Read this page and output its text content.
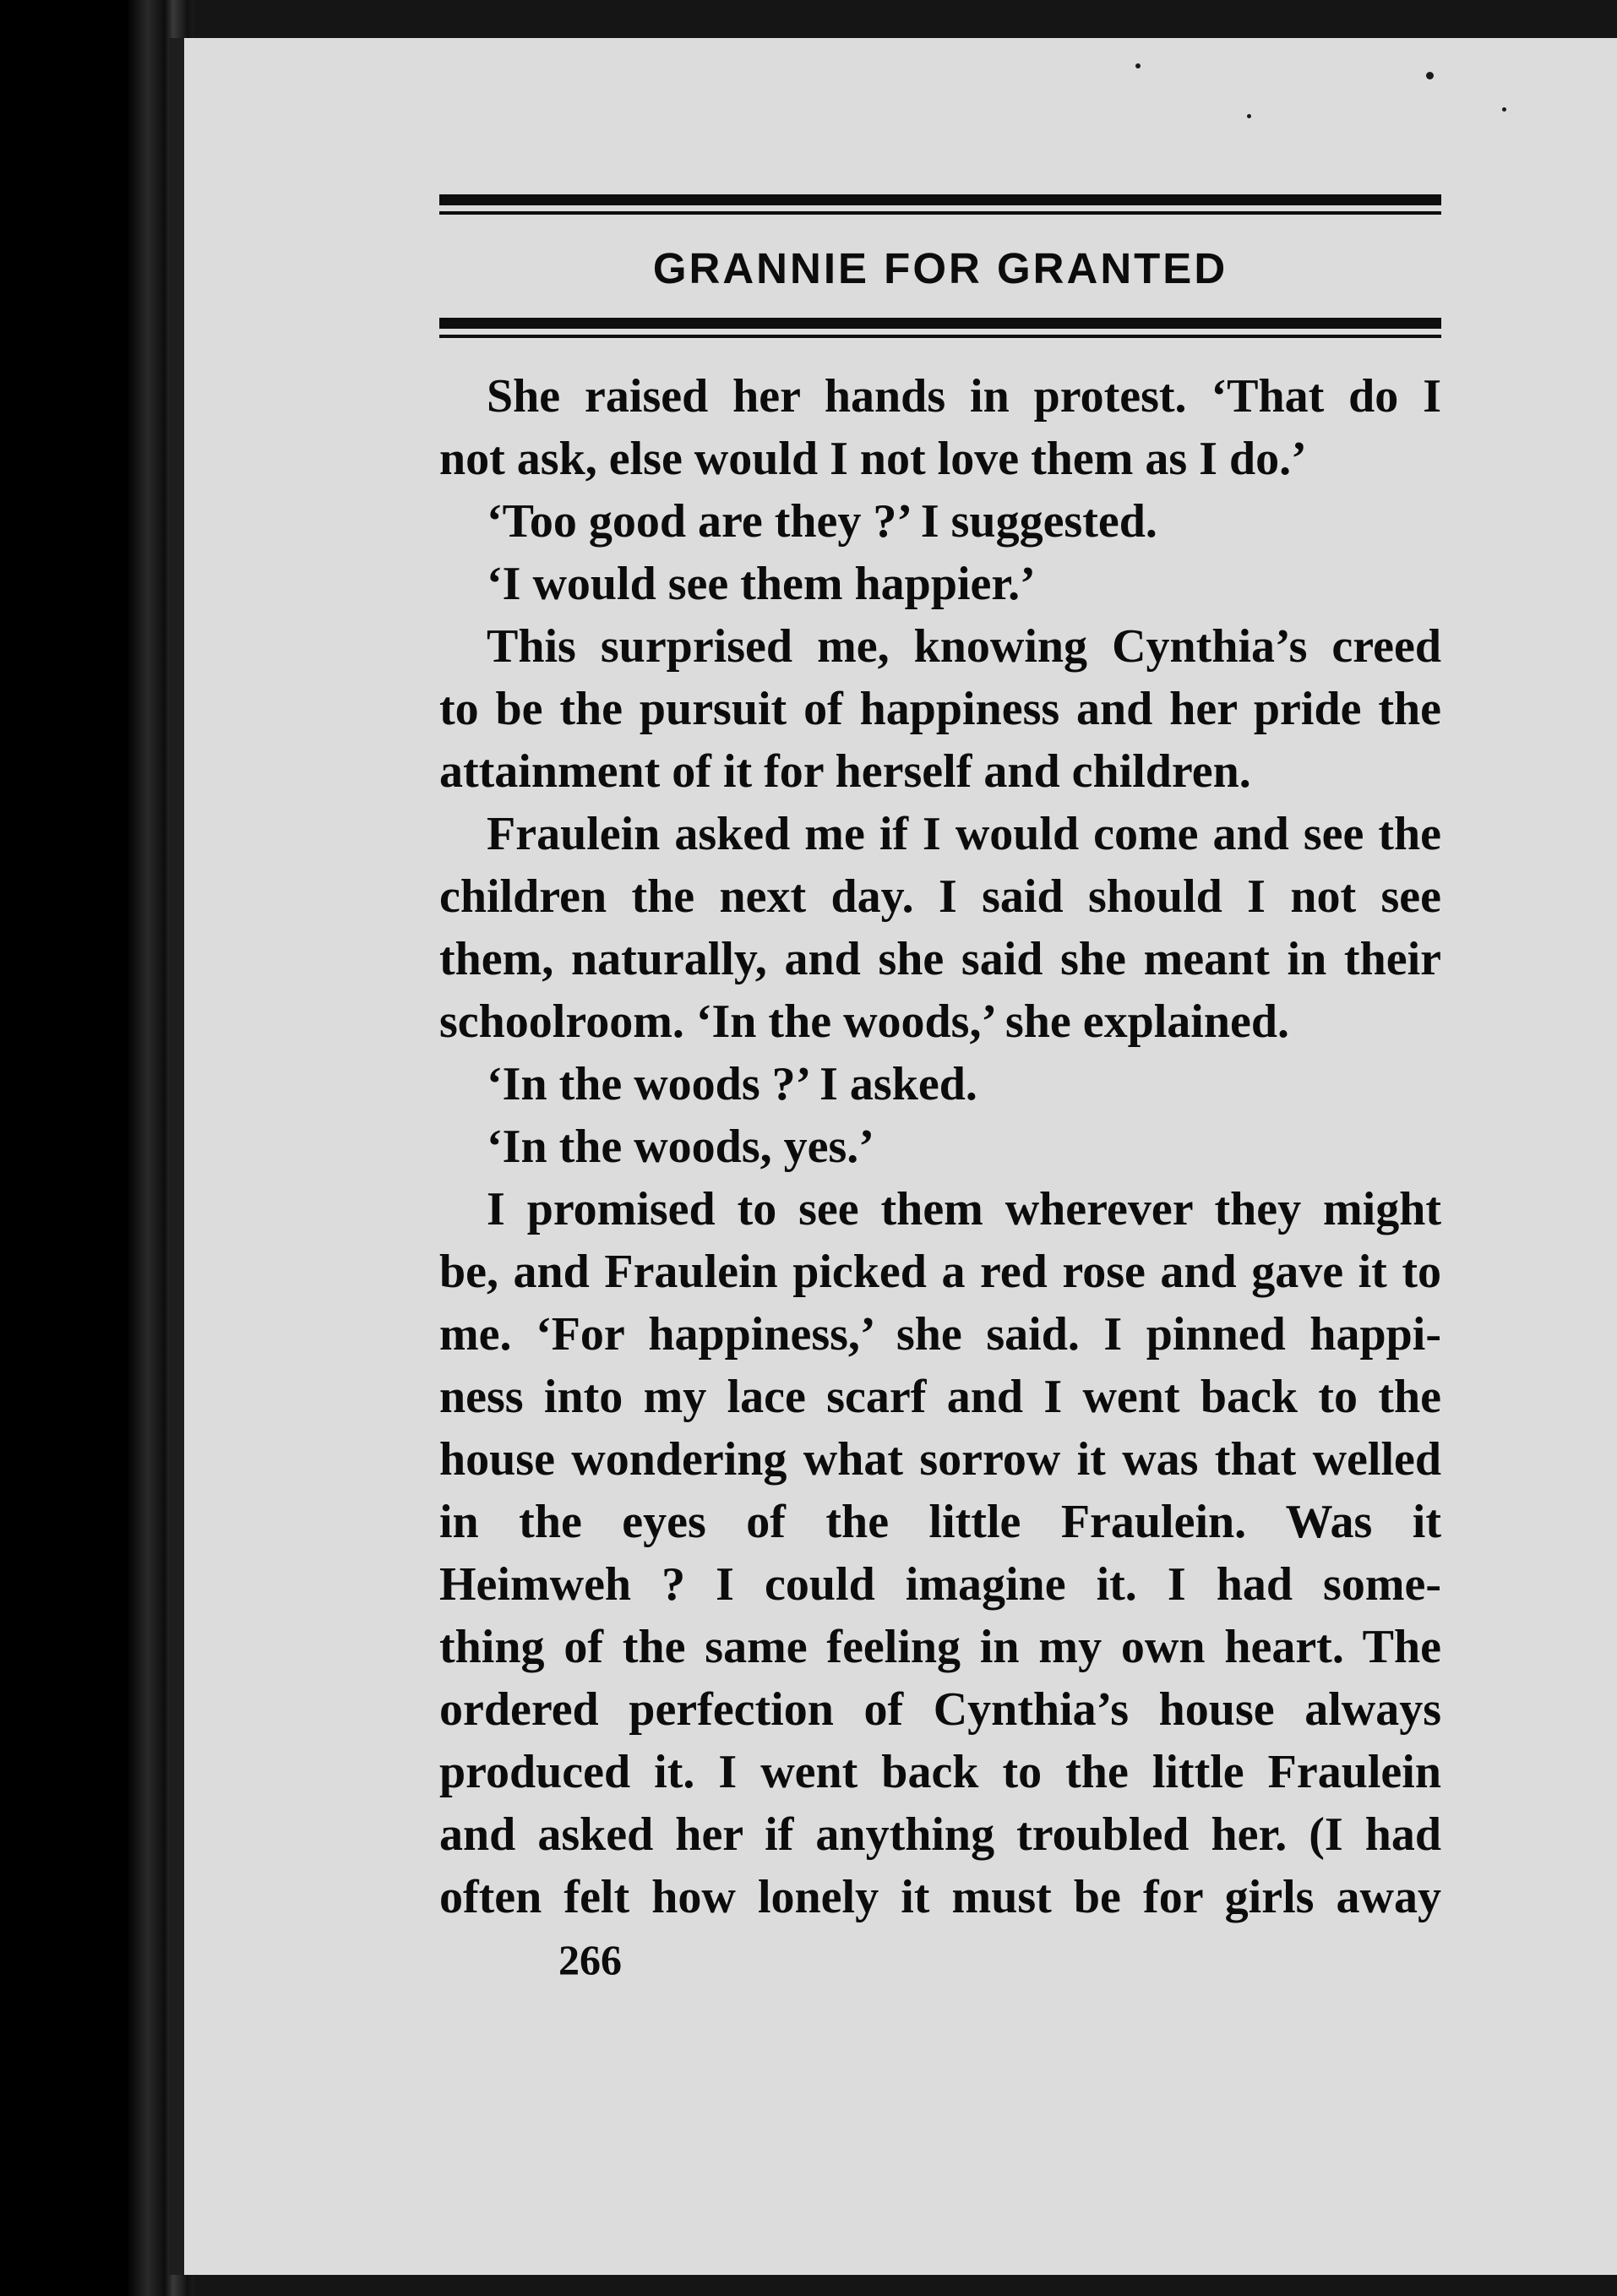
GRANNIE FOR GRANTED
She raised her hands in protest. ‘That do I
not ask, else would I not love them as I do.’
‘Too good are they ?’ I suggested.
‘I would see them happier.’
This surprised me, knowing Cynthia’s creed
to be the pursuit of happiness and her pride the
attainment of it for herself and children.
Fraulein asked me if I would come and see the
children the next day. I said should I not see
them, naturally, and she said she meant in their
schoolroom. ‘In the woods,’ she explained.
‘In the woods ?’ I asked.
‘In the woods, yes.’
I promised to see them wherever they might
be, and Fraulein picked a red rose and gave it to
me. ‘For happiness,’ she said. I pinned happi-
ness into my lace scarf and I went back to the
house wondering what sorrow it was that welled
in the eyes of the little Fraulein. Was it
Heimweh ? I could imagine it. I had some-
thing of the same feeling in my own heart. The
ordered perfection of Cynthia’s house always
produced it. I went back to the little Fraulein
and asked her if anything troubled her. (I had
often felt how lonely it must be for girls away
266
